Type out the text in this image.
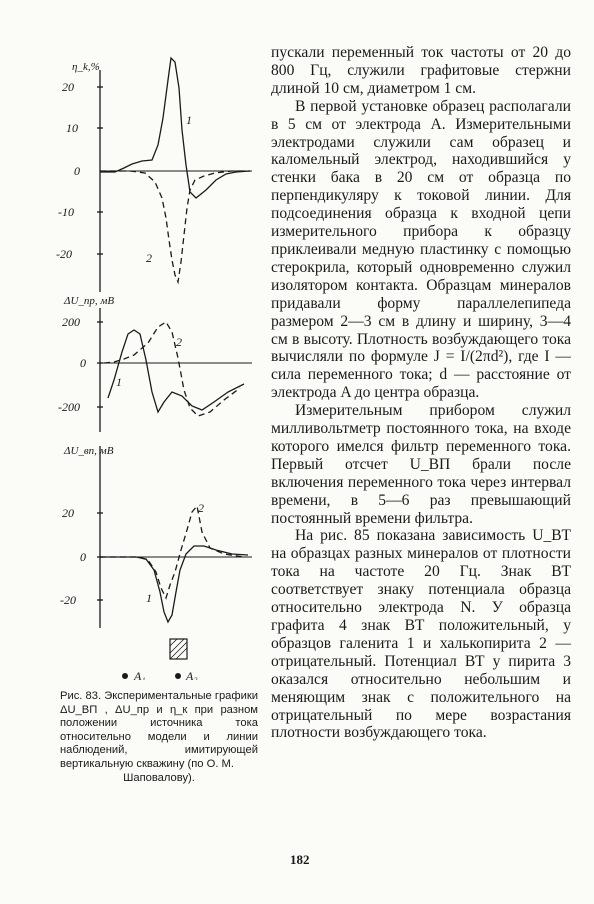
η_k,%
20
10
0
-10
-20
1
2
ΔU_пр, мВ
200
0
-200
1
2
ΔU_вп, мВ
20
0
-20	1
2
A₁	A₂

пускали переменный ток частоты от 20 до 800 Гц, служили графитовые стержни длиной 10 см, диаметром 1 см.

В первой установке образец располагали в 5 см от электрода A. Измерительными электродами служили сам образец и каломельный электрод, находившийся у стенки бака в 20 см от образца по перпендикуляру к токовой линии. Для подсоединения образца к входной цепи измерительного прибора к образцу приклеивали медную пластинку с помощью стерокрила, который одновременно служил изолятором контакта. Образцам минералов придавали форму параллелепипеда размером 2—3 см в длину и ширину, 3—4 см в высоту. Плотность возбуждающего тока вычисляли по формуле J = I/(2πd²), где I — сила переменного тока; d — расстояние от электрода A до центра образца.

Измерительным прибором служил милливольтметр постоянного тока, на входе которого имелся фильтр переменного тока. Первый отсчет U_ВП брали после включения переменного тока через интервал времени, в 5—6 раз превышающий постоянный времени фильтра.

На рис. 85 показана зависимость U_ВТ на образцах разных минералов от плотности тока на частоте 20 Гц. Знак ВТ соответствует знаку потенциала образца относительно электрода N. У образца графита 4 знак ВТ положительный, у образцов галенита 1 и халькопирита 2 — отрицательный. Потенциал ВТ у пирита 3 оказался относительно небольшим и меняющим знак с положительного на отрицательный по мере возрастания плотности возбуждающего тока.

Рис. 83. Экспериментальные графики ΔU_ВП , ΔU_пр и η_к при разном положении источника тока относительно модели и линии наблюдений, имитирующей вертикальную скважину (по О. М.
Шаповалову).
182
